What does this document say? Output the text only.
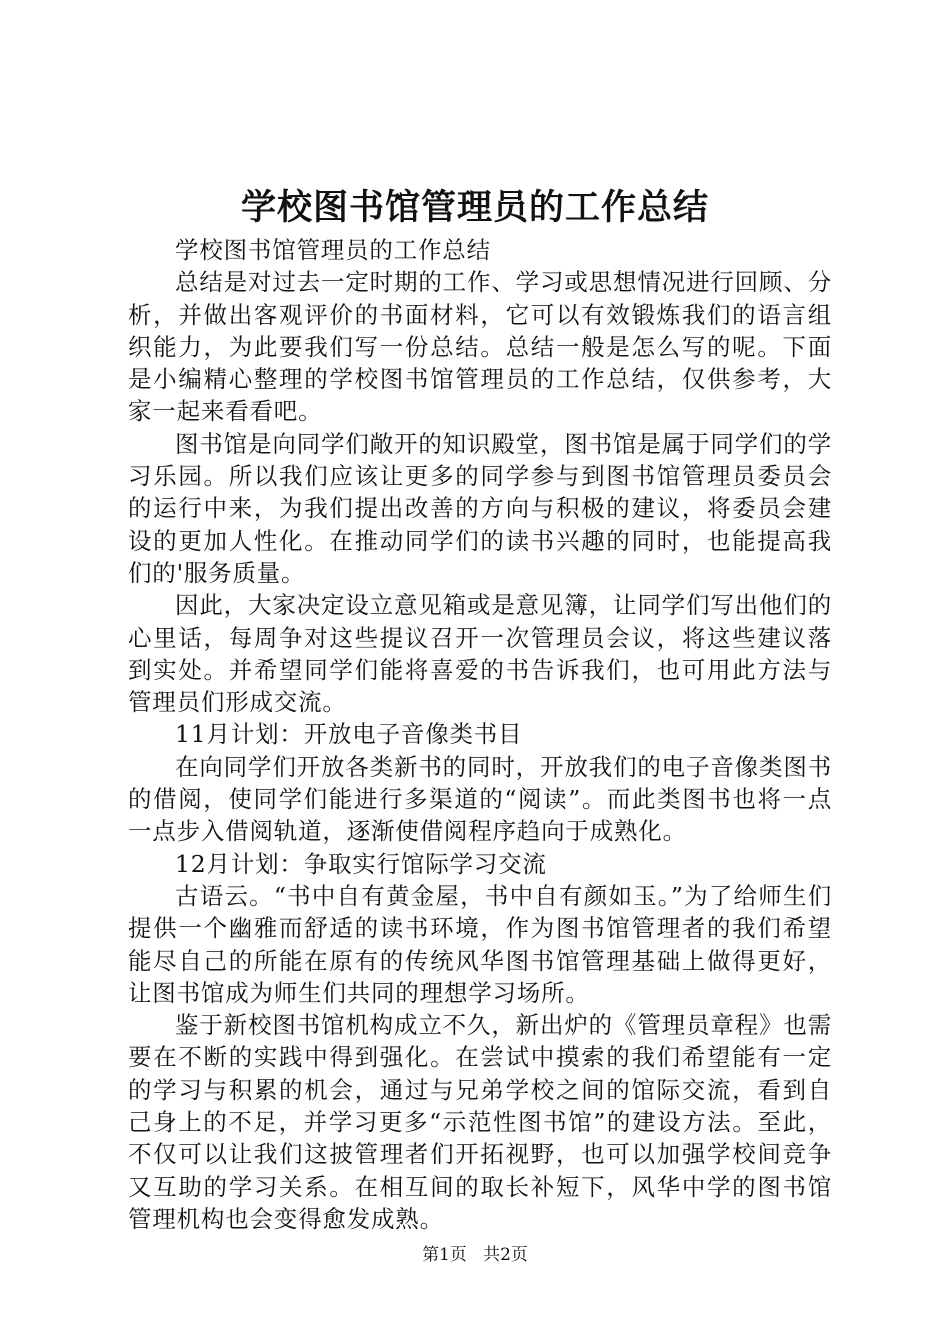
学校图书馆管理员的工作总结

学校图书馆管理员的工作总结

总结是对过去一定时期的工作、学习或思想情况进行回顾、分析，并做出客观评价的书面材料，它可以有效锻炼我们的语言组织能力，为此要我们写一份总结。总结一般是怎么写的呢。下面是小编精心整理的学校图书馆管理员的工作总结，仅供参考，大家一起来看看吧。

图书馆是向同学们敞开的知识殿堂，图书馆是属于同学们的学习乐园。所以我们应该让更多的同学参与到图书馆管理员委员会的运行中来，为我们提出改善的方向与积极的建议，将委员会建设的更加人性化。在推动同学们的读书兴趣的同时，也能提高我们的'服务质量。

因此，大家决定设立意见箱或是意见簿，让同学们写出他们的心里话，每周争对这些提议召开一次管理员会议，将这些建议落到实处。并希望同学们能将喜爱的书告诉我们，也可用此方法与管理员们形成交流。

11月计划：开放电子音像类书目

在向同学们开放各类新书的同时，开放我们的电子音像类图书的借阅，使同学们能进行多渠道的“阅读”。而此类图书也将一点一点步入借阅轨道，逐渐使借阅程序趋向于成熟化。

12月计划：争取实行馆际学习交流

古语云。“书中自有黄金屋，书中自有颜如玉。”为了给师生们提供一个幽雅而舒适的读书环境，作为图书馆管理者的我们希望能尽自己的所能在原有的传统风华图书馆管理基础上做得更好，让图书馆成为师生们共同的理想学习场所。

鉴于新校图书馆机构成立不久，新出炉的《管理员章程》也需要在不断的实践中得到强化。在尝试中摸索的我们希望能有一定的学习与积累的机会，通过与兄弟学校之间的馆际交流，看到自己身上的不足，并学习更多“示范性图书馆”的建设方法。至此，不仅可以让我们这披管理者们开拓视野，也可以加强学校间竞争又互助的学习关系。在相互间的取长补短下，风华中学的图书馆管理机构也会变得愈发成熟。

第1页 共2页
